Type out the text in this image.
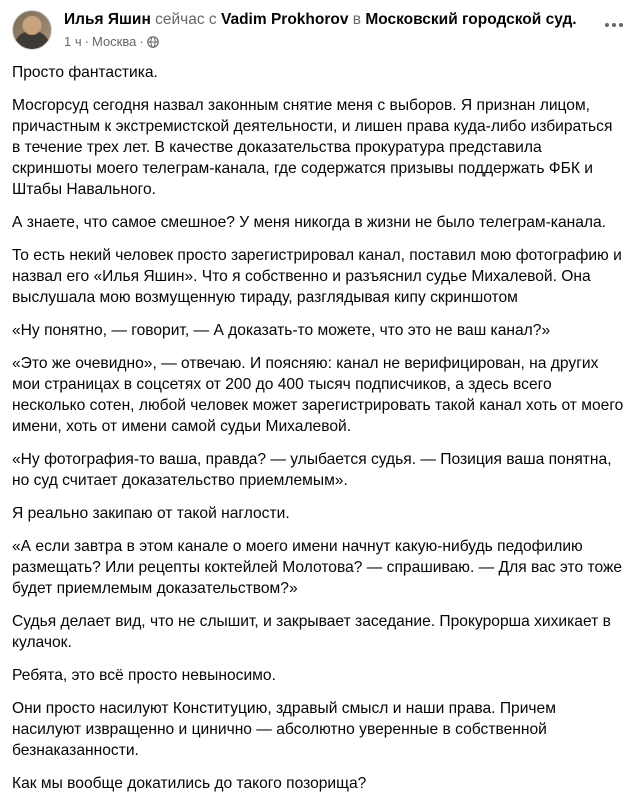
Илья Яшин сейчас с Vadim Prokhorov в Московский городской суд.
1 ч · Москва ·

Просто фантастика.

Мосгорсуд сегодня назвал законным снятие меня с выборов. Я признан лицом, причастным к экстремистской деятельности, и лишен права куда-либо избираться в течение трех лет. В качестве доказательства прокуратура представила скриншоты моего телеграм-канала, где содержатся призывы поддержать ФБК и Штабы Навального.

А знаете, что самое смешное? У меня никогда в жизни не было телеграм-канала.

То есть некий человек просто зарегистрировал канал, поставил мою фотографию и назвал его «Илья Яшин». Что я собственно и разъяснил судье Михалевой. Она выслушала мою возмущенную тираду, разглядывая кипу скриншотом

«Ну понятно, — говорит, — А доказать-то можете, что это не ваш канал?»

«Это же очевидно», — отвечаю. И поясняю: канал не верифицирован, на других мои страницах в соцсетях от 200 до 400 тысяч подписчиков, а здесь всего несколько сотен, любой человек может зарегистрировать такой канал хоть от моего имени, хоть от имени самой судьи Михалевой.

«Ну фотография-то ваша, правда? — улыбается судья. — Позиция ваша понятна, но суд считает доказательство приемлемым».

Я реально закипаю от такой наглости.

«А если завтра в этом канале о моего имени начнут какую-нибудь педофилию размещать? Или рецепты коктейлей Молотова? — спрашиваю. — Для вас это тоже будет приемлемым доказательством?»

Судья делает вид, что не слышит, и закрывает заседание. Прокурорша хихикает в кулачок.

Ребята, это всё просто невыносимо.

Они просто насилуют Конституцию, здравый смысл и наши права. Причем насилуют извращенно и цинично — абсолютно уверенные в собственной безнаказанности.

Как мы вообще докатились до такого позорища?
